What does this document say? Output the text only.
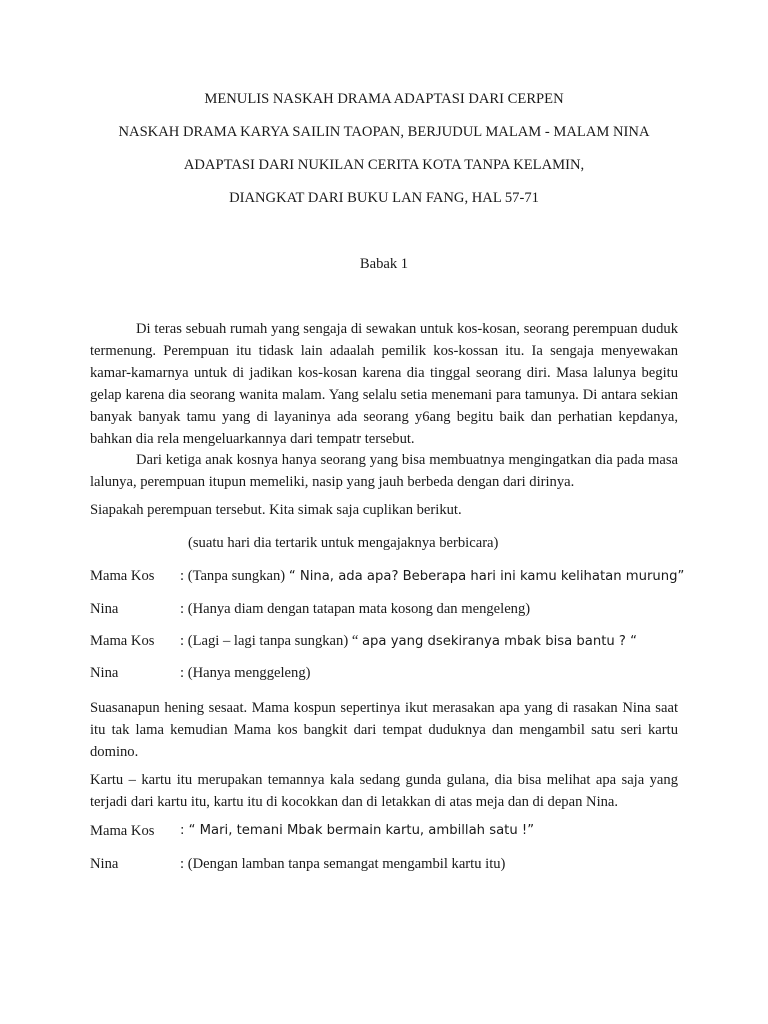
MENULIS NASKAH DRAMA ADAPTASI DARI CERPEN
NASKAH DRAMA KARYA SAILIN TAOPAN, BERJUDUL MALAM - MALAM NINA
ADAPTASI DARI NUKILAN CERITA KOTA TANPA KELAMIN,
DIANGKAT DARI BUKU LAN FANG, HAL 57-71
Babak 1
Di teras sebuah rumah yang sengaja di sewakan untuk kos-kosan, seorang perempuan duduk termenung. Perempuan itu tidask lain adaalah pemilik kos-kossan itu. Ia sengaja menyewakan kamar-kamarnya untuk di jadikan kos-kosan karena dia tinggal seorang diri. Masa lalunya begitu gelap karena dia seorang wanita malam. Yang selalu setia menemani para tamunya. Di antara sekian banyak banyak tamu yang di layaninya ada seorang y6ang begitu baik dan perhatian kepdanya, bahkan dia rela mengeluarkannya dari tempatr tersebut.
Dari ketiga anak kosnya hanya seorang yang bisa membuatnya mengingatkan dia pada masa lalunya, perempuan itupun memeliki, nasip yang jauh berbeda dengan dari dirinya.
Siapakah perempuan tersebut. Kita simak saja cuplikan berikut.
(suatu hari dia tertarik untuk mengajaknya berbicara)
Mama Kos : (Tanpa sungkan) “ Nina, ada apa? Beberapa hari ini kamu kelihatan murung”
Nina	: (Hanya diam dengan tatapan mata kosong dan mengeleng)
Mama Kos : (Lagi – lagi tanpa sungkan) “ apa yang dsekiranya mbak bisa bantu ? “
Nina	: (Hanya menggeleng)
Suasanapun hening sesaat. Mama kospun sepertinya ikut merasakan apa yang di rasakan Nina saat itu tak lama kemudian Mama kos bangkit dari tempat duduknya dan mengambil satu seri kartu domino.
Kartu – kartu itu merupakan temannya kala sedang gunda gulana, dia bisa melihat apa saja yang terjadi dari kartu itu, kartu itu di kocokkan dan di letakkan di atas meja dan di depan Nina.
Mama Kos : “ Mari, temani Mbak bermain kartu, ambillah satu !”
Nina	: (Dengan lamban tanpa semangat mengambil kartu itu)
